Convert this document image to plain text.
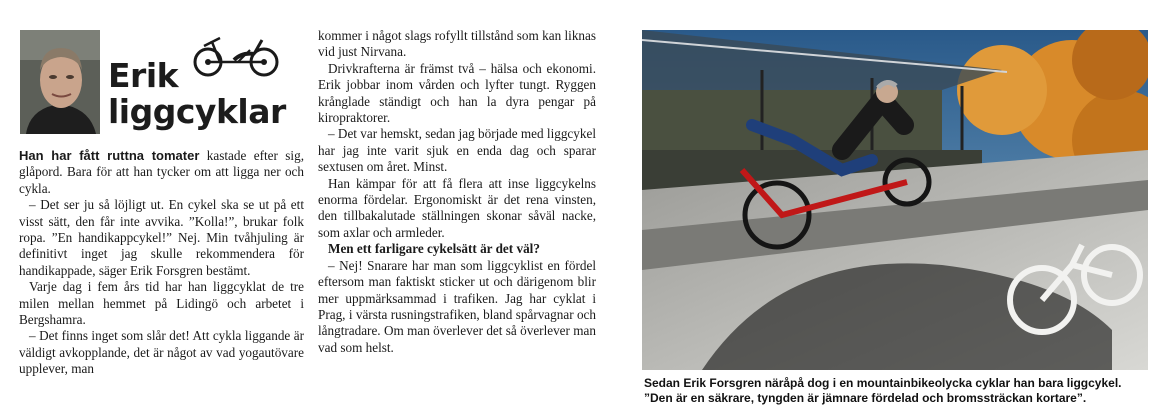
Erik
liggcyklar

Han har fått ruttna tomater kastade efter sig, glåpord. Bara för att han tycker om att ligga ner och cykla.

– Det ser ju så löjligt ut. En cykel ska se ut på ett visst sätt, den får inte avvika. ”Kolla!”, brukar folk ropa. ”En handikappcykel!” Nej. Min tvåhjuling är definitivt inget jag skulle rekommendera för handikappade, säger Erik Forsgren bestämt.

Varje dag i fem års tid har han liggcyklat de tre milen mellan hemmet på Lidingö och arbetet i Bergshamra.

– Det finns inget som slår det! Att cykla liggande är väldigt avkopplande, det är något av vad yogautövare upplever, man

kommer i något slags rofyllt tillstånd som kan liknas vid just Nirvana.

Drivkrafterna är främst två – hälsa och ekonomi. Erik jobbar inom vården och lyfter tungt. Ryggen krånglade ständigt och han la dyra pengar på kiropraktorer.

– Det var hemskt, sedan jag började med liggcykel har jag inte varit sjuk en enda dag och sparar sextusen om året. Minst.

Han kämpar för att få flera att inse liggcykelns enorma fördelar. Ergonomiskt är det rena vinsten, den tillbakalutade ställningen skonar såväl nacke, som axlar och armleder.

Men ett farligare cykelsätt är det väl?

– Nej! Snarare har man som liggcyklist en fördel eftersom man faktiskt sticker ut och därigenom blir mer uppmärksammad i trafiken. Jag har cyklat i Prag, i värsta rusningstrafiken, bland spårvagnar och långtradare. Om man överlever det så överlever man vad som helst.

Sedan Erik Forsgren näråpå dog i en mountainbikeolycka cyklar han bara liggcykel.
”Den är en säkrare, tyngden är jämnare fördelad och bromssträckan kortare”.
